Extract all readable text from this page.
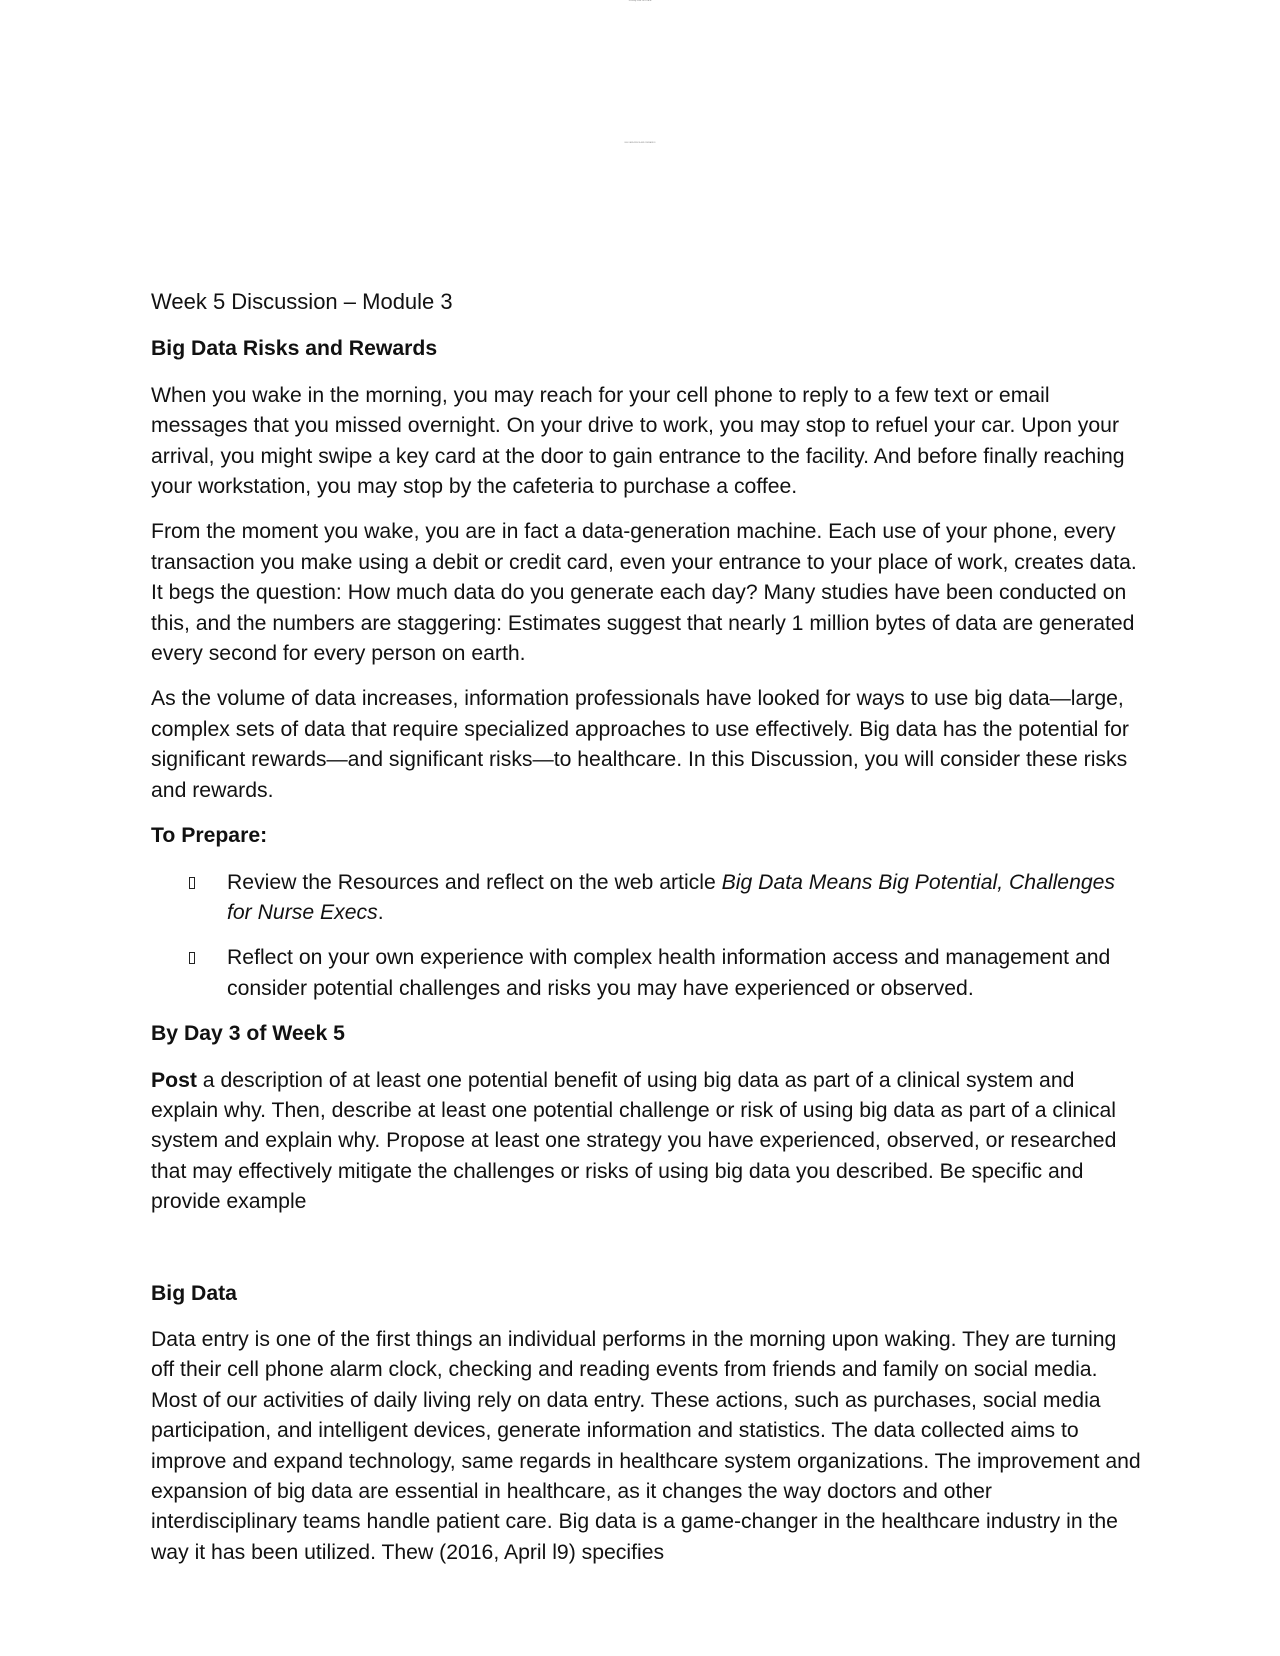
Running head: BIG DATA
BIG DATA RISKS AND REWARDS
Week 5 Discussion – Module 3
Big Data Risks and Rewards

When you wake in the morning, you may reach for your cell phone to reply to a few text or email messages that you missed overnight. On your drive to work, you may stop to refuel your car. Upon your arrival, you might swipe a key card at the door to gain entrance to the facility. And before finally reaching your workstation, you may stop by the cafeteria to purchase a coffee.

From the moment you wake, you are in fact a data-generation machine. Each use of your phone, every transaction you make using a debit or credit card, even your entrance to your place of work, creates data. It begs the question: How much data do you generate each day? Many studies have been conducted on this, and the numbers are staggering: Estimates suggest that nearly 1 million bytes of data are generated every second for every person on earth.

As the volume of data increases, information professionals have looked for ways to use big data—large, complex sets of data that require specialized approaches to use effectively. Big data has the potential for significant rewards—and significant risks—to healthcare. In this Discussion, you will consider these risks and rewards.

To Prepare:
Review the Resources and reflect on the web article Big Data Means Big Potential, Challenges for Nurse Execs.
Reflect on your own experience with complex health information access and management and consider potential challenges and risks you may have experienced or observed.
By Day 3 of Week 5

Post a description of at least one potential benefit of using big data as part of a clinical system and explain why. Then, describe at least one potential challenge or risk of using big data as part of a clinical system and explain why. Propose at least one strategy you have experienced, observed, or researched that may effectively mitigate the challenges or risks of using big data you described. Be specific and provide example

Big Data

Data entry is one of the first things an individual performs in the morning upon waking. They are turning off their cell phone alarm clock, checking and reading events from friends and family on social media.

Most of our activities of daily living rely on data entry. These actions, such as purchases, social media participation, and intelligent devices, generate information and statistics. The data collected aims to improve and expand technology, same regards in healthcare system organizations. The improvement and expansion of big data are essential in healthcare, as it changes the way doctors and other interdisciplinary teams handle patient care. Big data is a game-changer in the healthcare industry in the way it has been utilized. Thew (2016, April l9) specifies
